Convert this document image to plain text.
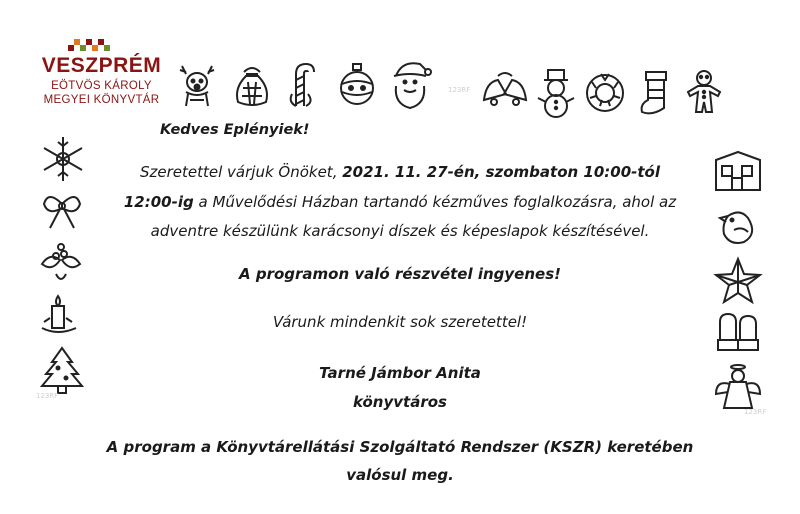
VESZPRÉM
EÖTVÖS KÁROLY
MEGYEI KÖNYVTÁR
Kedves Eplényiek!
Szeretettel várjuk Önöket, 2021. 11. 27-én, szombaton 10:00-tól
12:00-ig a Művelődési Házban tartandó kézműves foglalkozásra, ahol az
adventre készülünk karácsonyi díszek és képeslapok készítésével.
A programon való részvétel ingyenes!
Várunk mindenkit sok szeretettel!
Tarné Jámbor Anita
könyvtáros
A program a Könyvtárellátási Szolgáltató Rendszer (KSZR) keretében
valósul meg.
123RF
123RF
123RF
